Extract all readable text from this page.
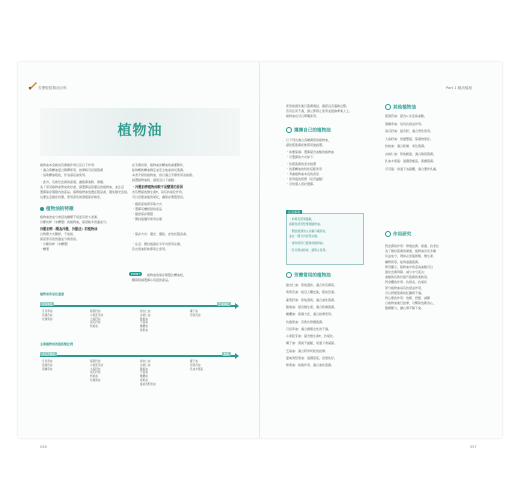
芳療聖經精油百科	Part 1 精油檔案
植物油
植物油本身就具有療癒作用以及以下作用：
・適合與精油混合稀釋使用，按摩時可延展肌膚
・協助精油吸收，作為基底油使用。
・此外，有助於皮膚的保濕，讓肌膚柔軟、滑順。
為了享受植物油帶來的好處，請選擇品質優良的植物油，並注意
選擇保存期限內的產品。請將植物油放置在陰涼處，避免陽光直射。
也要注意儲存容器，使用深色玻璃瓶保存較佳。
植物油的特徵
植物油的成分會因為種類不同而有很大差異。
冷壓初榨（未精製）的植物油，保留較多營養成分。
冷壓初榨（稱為冷壓、冷壓法）的植物油
以物理方式壓榨，不加熱，
保留原有的營養成分與香氣。
・冷壓初榨（未精製）
・精製
在芳療世界，植物油是精油的重要夥伴，
能夠幫助精油穩定並安全地塗抹於肌膚。
本書介紹的植物油，皆以適合芳療使用為前提。
挑選植物油時，請留意以下重點：
・冷壓初榨植物油較不易變質的原因
含有豐富的維生素E，具有抗氧化作用，
可以延緩油脂的氧化，讓保存期限更長。
・確認產地與萃取方式
・選擇有機認證的產品
・確認保存期限
・開封後儘早使用完畢
・保存方式：避光、避熱，存放於陰涼處。
・注意：開封後請在半年內使用完畢，
若出現油耗味即停止使用。
POINT	植物油的保存期限比精油短，
購買時請選擇小容量的產品。
植物油的氧化速度
容易氧化	不易氧化
月見草油
琉璃苣油
玫瑰果油
葡萄籽油
小麥胚芽油
大麻籽油
南瓜籽油
核桃油
甜杏仁油
杏桃仁油
酪梨油
芝麻油
橄欖油
榛果油
椰子油
荷荷芭油
主要植物油的脂肪酸比例
多元不飽和	飽和
月見草油
琉璃苣油
黑種草油
葡萄籽油
小麥胚芽油
大麻籽油
南瓜籽油
核桃油
玫瑰果油
甜杏仁油
杏桃仁油
酪梨油
芝麻油
橄欖油
榛果油
夏威夷堅果油
椰子油
荷荷芭油
乳油木果脂
056
使用前請先進行肌膚測試，確認沒有過敏反應。
若有任何不適，請立即停止使用並諮詢專業人士。
植物油也可以單獨使用。
選擇自己的植物油
以下列出適合各種膚質的植物油，
請依照肌膚狀態與用途挑選。
・如要保濕：選擇富含油酸的植物油
・可選擇的方式如下：
・依照肌膚的需求挑選
・依照精油的特性搭配使用
・考慮植物油本身的香氣
・使用後的感覺（是否黏膩）
・可依個人喜好選擇。
注意事項
・如果有堅果過敏，
請避免使用堅果類植物油。
・開封後請放入冰箱冷藏保存，
並在一個月內使用完畢。
・請勿使用已變質的植物油。
・若出現油耗味，請停止使用。
芳療常用的植物油
甜杏仁油：質地溫和，適合所有膚質。
荷荷芭油：接近人體皮脂，吸收迅速。
葡萄籽油：質地清爽，適合油性肌膚。
酪梨油：富含維生素，適合乾燥肌膚。
橄欖油：保濕力佳，適合按摩使用。
玫瑰果油：有助於修護肌膚。
月見草油：適合調理女性的不適。
小麥胚芽油：富含維生素E，抗氧化。
椰子油：清爽不黏膩，常溫下會凝固。
芝麻油：適合阿育吠陀的按摩。
夏威夷堅果油：滋潤度高，延展性好。
榛果油：收斂作用，適合油性肌膚。
其他植物油
琉璃苣油：富含γ-次亞麻油酸。
黑種草油：具有抗發炎作用。
南瓜籽油：富含鋅，適合男性使用。
大麻籽油：營養豐富，保濕效果佳。
核桃油：適合乾燥、老化肌膚。
杏桃仁油：質地輕盈，適合敏感肌膚。
乳油木果脂：滋潤度極高，保護肌膚。
可可脂：常溫下為固體，適合製作乳霜。
作用研究
對皮膚的作用：修復皮膚、保濕、抗老化
為了維持肌膚的健康，植物油含有多種
有益成分，例如必需脂肪酸、維生素、
礦物質等，能夠滋養肌膚。
研究顯示，植物油中的亞麻油酸可以
強化皮膚屏障，減少水分流失；
油酸則有助於提升肌膚的柔軟度。
對身體的作用：抗發炎、抗氧化
部分植物油具有抗發炎作用，
可以舒緩肌膚的紅腫與不適。
對心理的作用：放鬆、舒緩、減壓
以植物油進行按摩，可幫助放鬆身心，
緩解壓力，讓心情平靜下來。
057
